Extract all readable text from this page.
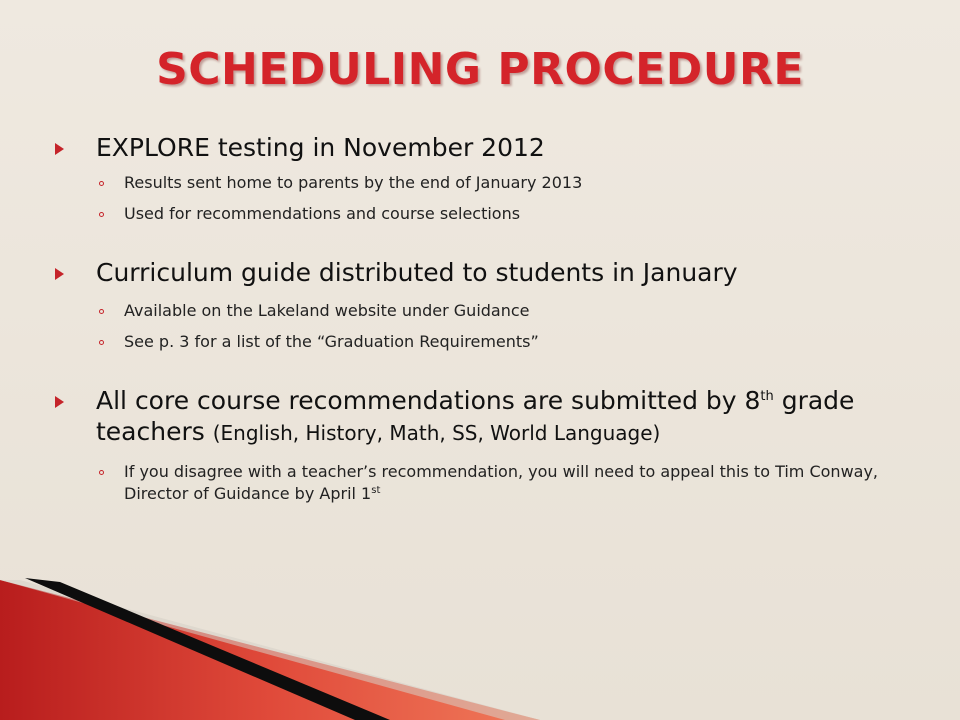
SCHEDULING PROCEDURE
EXPLORE testing in November 2012
Results sent home to parents by the end of January 2013
Used for recommendations and course selections
Curriculum guide distributed to students in January
Available on the Lakeland website under Guidance
See p. 3 for a list of the “Graduation Requirements”
All core course recommendations are submitted by 8th grade teachers (English, History, Math, SS, World Language)
If you disagree with a teacher’s recommendation, you will need to appeal this to Tim Conway, Director of Guidance by April 1st
